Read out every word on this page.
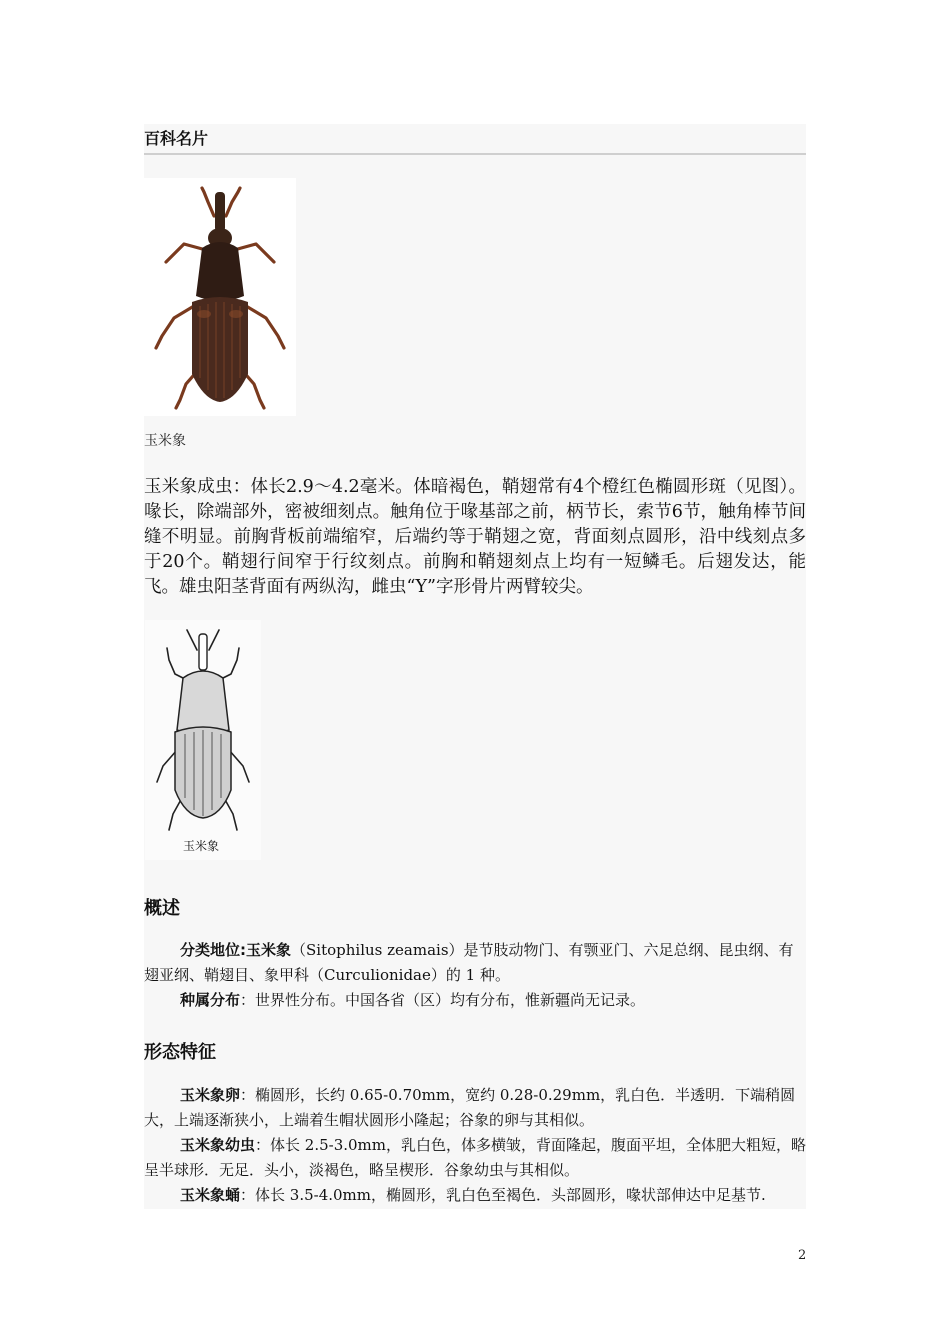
百科名片
玉米象
玉米象成虫：体长2.9～4.2毫米。体暗褐色，鞘翅常有4个橙红色椭圆形斑（见图）。喙长，除端部外，密被细刻点。触角位于喙基部之前，柄节长，索节6节，触角棒节间缝不明显。前胸背板前端缩窄，后端约等于鞘翅之宽，背面刻点圆形，沿中线刻点多于20个。鞘翅行间窄于行纹刻点。前胸和鞘翅刻点上均有一短鳞毛。后翅发达，能飞。雄虫阳茎背面有两纵沟，雌虫“Y”字形骨片两臂较尖。
玉米象
概述
分类地位:玉米象（Sitophilus zeamais）是节肢动物门、有颚亚门、六足总纲、昆虫纲、有翅亚纲、鞘翅目、象甲科（Curculionidae）的 1 种。
种属分布：世界性分布。中国各省（区）均有分布，惟新疆尚无记录。
形态特征
玉米象卵：椭圆形，长约 0.65-0.70mm，宽约 0.28-0.29mm，乳白色．半透明．下端稍圆大，上端逐渐狭小，上端着生帽状圆形小隆起；谷象的卵与其相似。
玉米象幼虫：体长 2.5-3.0mm，乳白色，体多横皱，背面隆起，腹面平坦，全体肥大粗短，略呈半球形．无足．头小，淡褐色，略呈楔形．谷象幼虫与其相似。
玉米象蛹：体长 3.5-4.0mm，椭圆形，乳白色至褐色．头部圆形，喙状部伸达中足基节.
2
